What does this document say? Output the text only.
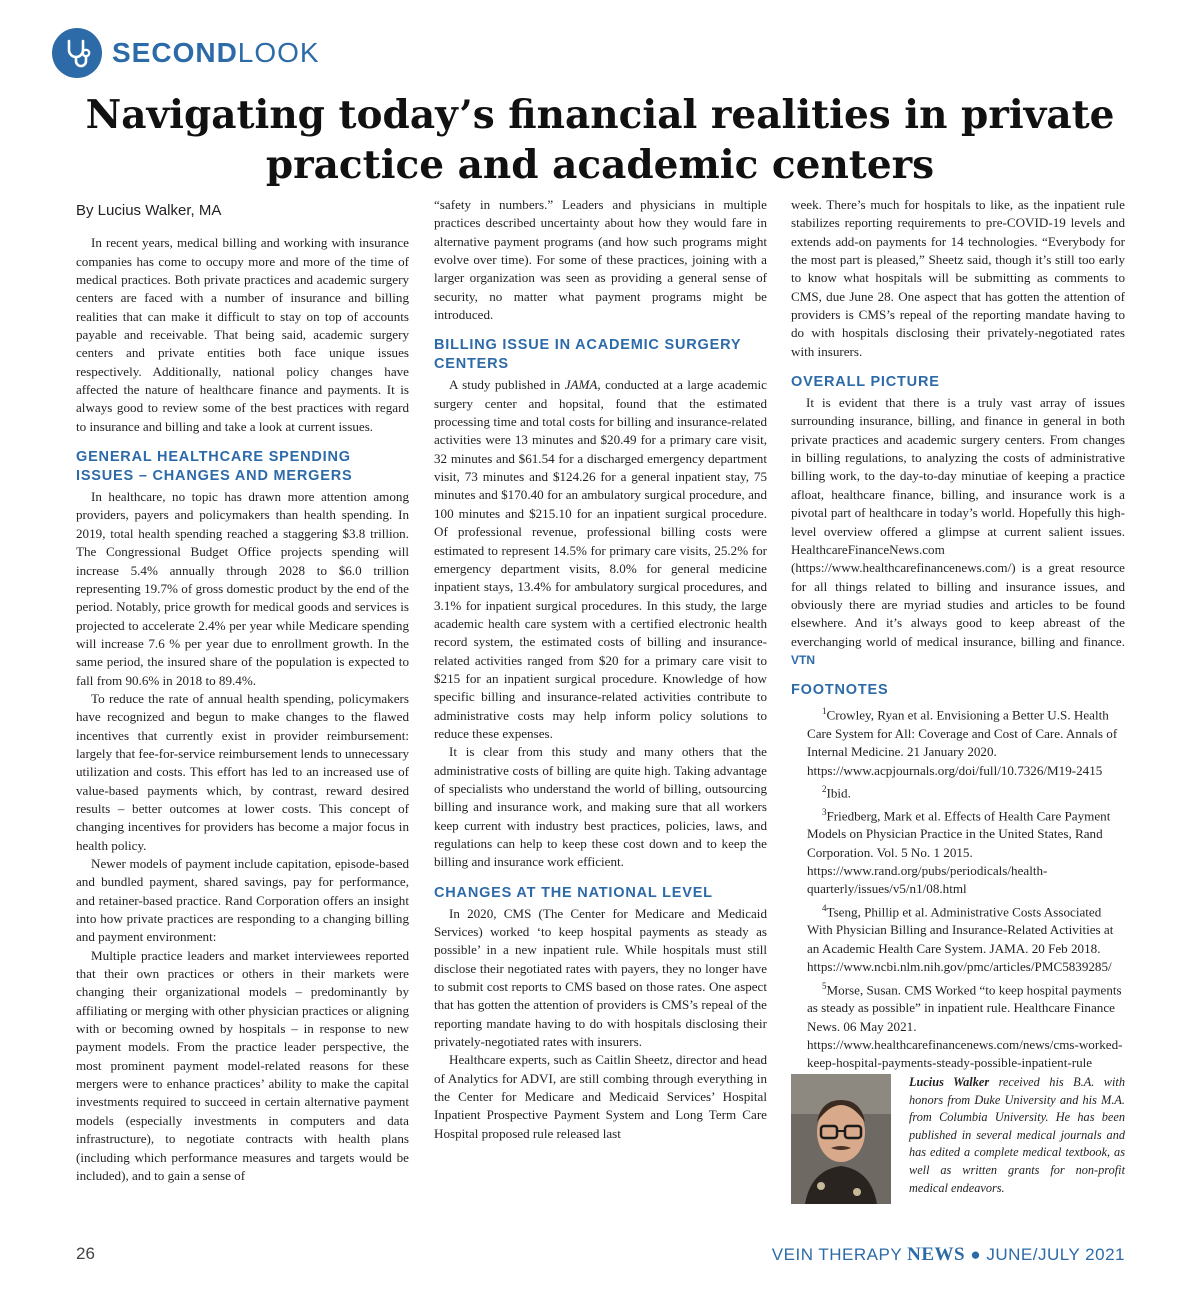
SECONDLOOK
Navigating today’s financial realities in private practice and academic centers
By Lucius Walker, MA

In recent years, medical billing and working with insurance companies has come to occupy more and more of the time of medical practices. Both private practices and academic surgery centers are faced with a number of insurance and billing realities that can make it difficult to stay on top of accounts payable and receivable. That being said, academic surgery centers and private entities both face unique issues respectively. Additionally, national policy changes have affected the nature of healthcare finance and payments. It is always good to review some of the best practices with regard to insurance and billing and take a look at current issues.

GENERAL HEALTHCARE SPENDING ISSUES – CHANGES AND MERGERS

In healthcare, no topic has drawn more attention among providers, payers and policymakers than health spending. In 2019, total health spending reached a staggering $3.8 trillion. The Congressional Budget Office projects spending will increase 5.4% annually through 2028 to $6.0 trillion representing 19.7% of gross domestic product by the end of the period. Notably, price growth for medical goods and services is projected to accelerate 2.4% per year while Medicare spending will increase 7.6 % per year due to enrollment growth. In the same period, the insured share of the population is expected to fall from 90.6% in 2018 to 89.4%.

To reduce the rate of annual health spending, policymakers have recognized and begun to make changes to the flawed incentives that currently exist in provider reimbursement: largely that fee-for-service reimbursement lends to unnecessary utilization and costs. This effort has led to an increased use of value-based payments which, by contrast, reward desired results – better outcomes at lower costs. This concept of changing incentives for providers has become a major focus in health policy.

Newer models of payment include capitation, episode-based and bundled payment, shared savings, pay for performance, and retainer-based practice. Rand Corporation offers an insight into how private practices are responding to a changing billing and payment environment:

Multiple practice leaders and market interviewees reported that their own practices or others in their markets were changing their organizational models – predominantly by affiliating or merging with other physician practices or aligning with or becoming owned by hospitals – in response to new payment models. From the practice leader perspective, the most prominent payment model-related reasons for these mergers were to enhance practices’ ability to make the capital investments required to succeed in certain alternative payment models (especially investments in computers and data infrastructure), to negotiate contracts with health plans (including which performance measures and targets would be included), and to gain a sense of

“safety in numbers.” Leaders and physicians in multiple practices described uncertainty about how they would fare in alternative payment programs (and how such programs might evolve over time). For some of these practices, joining with a larger organization was seen as providing a general sense of security, no matter what payment programs might be introduced.

BILLING ISSUE IN ACADEMIC SURGERY CENTERS

A study published in JAMA, conducted at a large academic surgery center and hopsital, found that the estimated processing time and total costs for billing and insurance-related activities were 13 minutes and $20.49 for a primary care visit, 32 minutes and $61.54 for a discharged emergency department visit, 73 minutes and $124.26 for a general inpatient stay, 75 minutes and $170.40 for an ambulatory surgical procedure, and 100 minutes and $215.10 for an inpatient surgical procedure. Of professional revenue, professional billing costs were estimated to represent 14.5% for primary care visits, 25.2% for emergency department visits, 8.0% for general medicine inpatient stays, 13.4% for ambulatory surgical procedures, and 3.1% for inpatient surgical procedures. In this study, the large academic health care system with a certified electronic health record system, the estimated costs of billing and insurance-related activities ranged from $20 for a primary care visit to $215 for an inpatient surgical procedure. Knowledge of how specific billing and insurance-related activities contribute to administrative costs may help inform policy solutions to reduce these expenses.

It is clear from this study and many others that the administrative costs of billing are quite high. Taking advantage of specialists who understand the world of billing, outsourcing billing and insurance work, and making sure that all workers keep current with industry best practices, policies, laws, and regulations can help to keep these cost down and to keep the billing and insurance work efficient.

CHANGES AT THE NATIONAL LEVEL

In 2020, CMS (The Center for Medicare and Medicaid Services) worked ‘to keep hospital payments as steady as possible’ in a new inpatient rule. While hospitals must still disclose their negotiated rates with payers, they no longer have to submit cost reports to CMS based on those rates. One aspect that has gotten the attention of providers is CMS’s repeal of the reporting mandate having to do with hospitals disclosing their privately-negotiated rates with insurers.

Healthcare experts, such as Caitlin Sheetz, director and head of Analytics for ADVI, are still combing through everything in the Center for Medicare and Medicaid Services’ Hospital Inpatient Prospective Payment System and Long Term Care Hospital proposed rule released last

week. There’s much for hospitals to like, as the inpatient rule stabilizes reporting requirements to pre-COVID-19 levels and extends add-on payments for 14 technologies. “Everybody for the most part is pleased,” Sheetz said, though it’s still too early to know what hospitals will be submitting as comments to CMS, due June 28. One aspect that has gotten the attention of providers is CMS’s repeal of the reporting mandate having to do with hospitals disclosing their privately-negotiated rates with insurers.

OVERALL PICTURE

It is evident that there is a truly vast array of issues surrounding insurance, billing, and finance in general in both private practices and academic surgery centers. From changes in billing regulations, to analyzing the costs of administrative billing work, to the day-to-day minutiae of keeping a practice afloat, healthcare finance, billing, and insurance work is a pivotal part of healthcare in today’s world. Hopefully this high-level overview offered a glimpse at current salient issues. HealthcareFinanceNews.com (https://www.healthcarefinancenews.com/) is a great resource for all things related to billing and insurance issues, and obviously there are myriad studies and articles to be found elsewhere. And it’s always good to keep abreast of the everchanging world of medical insurance, billing and finance. VTN

FOOTNOTES

$^1$Crowley, Ryan et al. Envisioning a Better U.S. Health Care System for All: Coverage and Cost of Care. Annals of Internal Medicine. 21 January 2020. https://www.acpjournals.org/doi/full/10.7326/M19-2415

$^2$Ibid.

$^3$Friedberg, Mark et al. Effects of Health Care Payment Models on Physician Practice in the United States, Rand Corporation. Vol. 5 No. 1 2015. https://www.rand.org/pubs/periodicals/health-quarterly/issues/v5/n1/08.html

$^4$Tseng, Phillip et al. Administrative Costs Associated With Physician Billing and Insurance-Related Activities at an Academic Health Care System. JAMA. 20 Feb 2018. https://www.ncbi.nlm.nih.gov/pmc/articles/PMC5839285/

$^5$Morse, Susan. CMS Worked “to keep hospital payments as steady as possible” in inpatient rule. Healthcare Finance News. 06 May 2021. https://www.healthcarefinancenews.com/news/cms-worked-keep-hospital-payments-steady-possible-inpatient-rule

Lucius Walker received his B.A. with honors from Duke University and his M.A. from Columbia University. He has been published in several medical journals and has edited a complete medical textbook, as well as written grants for non-profit medical endeavors.
26	VEIN THERAPY NEWS ● JUNE/JULY 2021
